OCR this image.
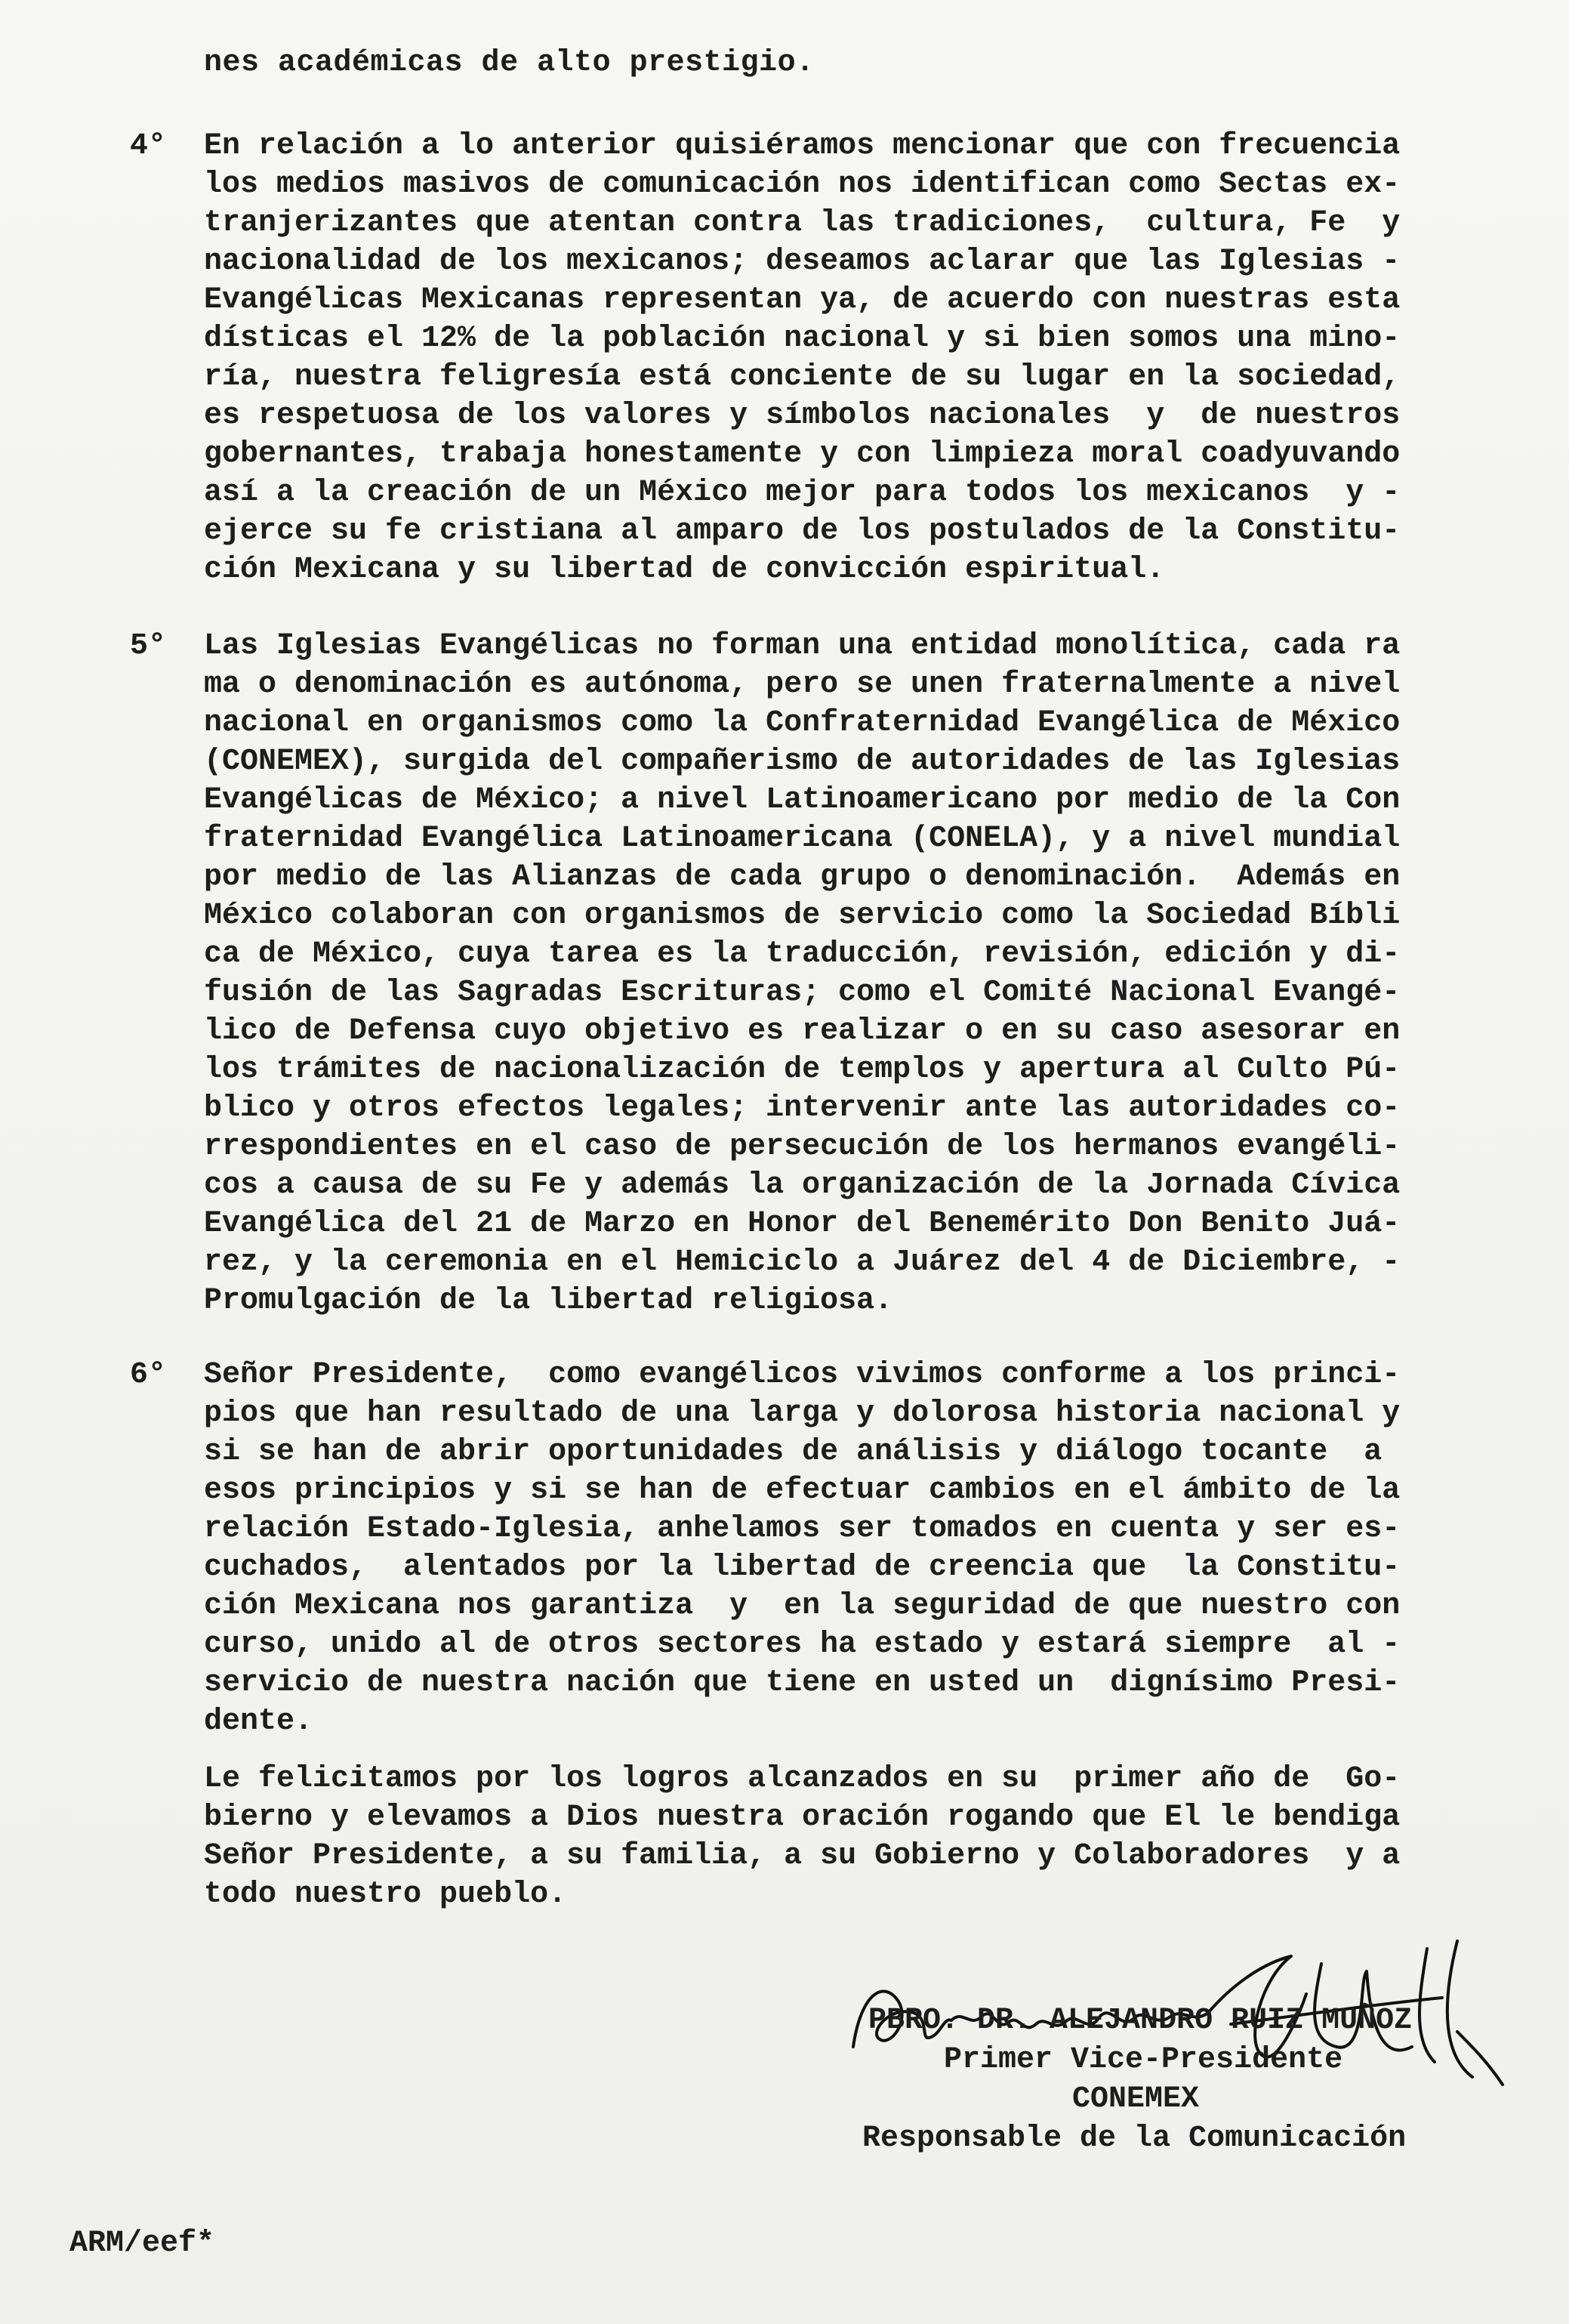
nes académicas de alto prestigio.
4° En relación a lo anterior quisiéramos mencionar que con frecuencia
los medios masivos de comunicación nos identifican como Sectas ex-
tranjerizantes que atentan contra las tradiciones,  cultura, Fe  y
nacionalidad de los mexicanos; deseamos aclarar que las Iglesias -
Evangélicas Mexicanas representan ya, de acuerdo con nuestras esta
dísticas el 12% de la población nacional y si bien somos una mino-
ría, nuestra feligresía está conciente de su lugar en la sociedad,
es respetuosa de los valores y símbolos nacionales  y  de nuestros
gobernantes, trabaja honestamente y con limpieza moral coadyuvando
así a la creación de un México mejor para todos los mexicanos  y -
ejerce su fe cristiana al amparo de los postulados de la Constitu-
ción Mexicana y su libertad de convicción espiritual.
5° Las Iglesias Evangélicas no forman una entidad monolítica, cada ra
ma o denominación es autónoma, pero se unen fraternalmente a nivel
nacional en organismos como la Confraternidad Evangélica de México
(CONEMEX), surgida del compañerismo de autoridades de las Iglesias
Evangélicas de México; a nivel Latinoamericano por medio de la Con
fraternidad Evangélica Latinoamericana (CONELA), y a nivel mundial
por medio de las Alianzas de cada grupo o denominación.  Además en
México colaboran con organismos de servicio como la Sociedad Bíbli
ca de México, cuya tarea es la traducción, revisión, edición y di-
fusión de las Sagradas Escrituras; como el Comité Nacional Evangé-
lico de Defensa cuyo objetivo es realizar o en su caso asesorar en
los trámites de nacionalización de templos y apertura al Culto Pú-
blico y otros efectos legales; intervenir ante las autoridades co-
rrespondientes en el caso de persecución de los hermanos evangéli-
cos a causa de su Fe y además la organización de la Jornada Cívica
Evangélica del 21 de Marzo en Honor del Benemérito Don Benito Juá-
rez, y la ceremonia en el Hemiciclo a Juárez del 4 de Diciembre, -
Promulgación de la libertad religiosa.
6° Señor Presidente,  como evangélicos vivimos conforme a los princi-
pios que han resultado de una larga y dolorosa historia nacional y
si se han de abrir oportunidades de análisis y diálogo tocante  a
esos principios y si se han de efectuar cambios en el ámbito de la
relación Estado-Iglesia, anhelamos ser tomados en cuenta y ser es-
cuchados,  alentados por la libertad de creencia que  la Constitu-
ción Mexicana nos garantiza  y  en la seguridad de que nuestro con
curso, unido al de otros sectores ha estado y estará siempre  al -
servicio de nuestra nación que tiene en usted un  dignísimo Presi-
dente.
Le felicitamos por los logros alcanzados en su  primer año de  Go-
bierno y elevamos a Dios nuestra oración rogando que El le bendiga
Señor Presidente, a su familia, a su Gobierno y Colaboradores  y a
todo nuestro pueblo.
Alejandro Ruiz
PBRO. DR. ALEJANDRO RUIZ MUÑOZ
Primer Vice-Presidente
CONEMEX
Responsable de la Comunicación
ARM/eef*
